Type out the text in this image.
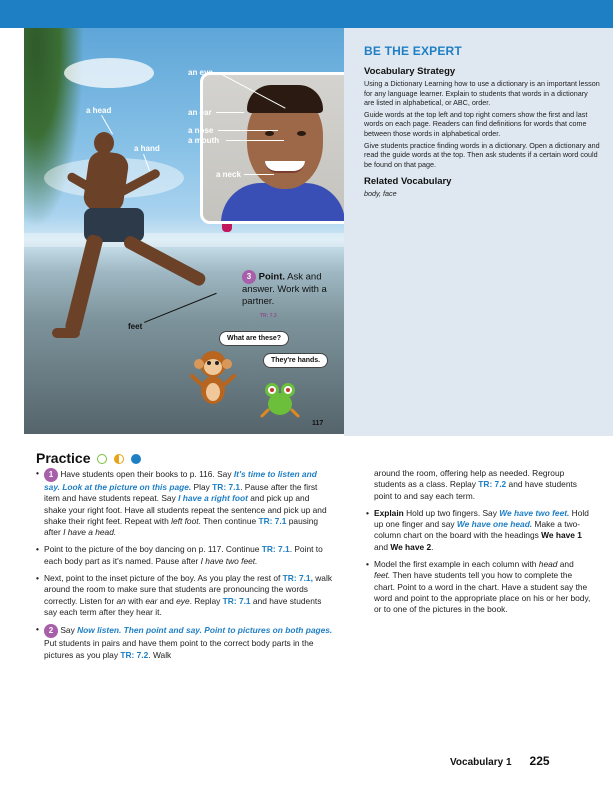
an eye
a head	an ear
a hand
a nose
a mouth
a neck
feet
3 Point. Ask and answer. Work with a partner.
TR: 7.3
What are these?
They're hands.
117
BE THE EXPERT
Vocabulary Strategy

Using a Dictionary Learning how to use a dictionary is an important lesson for any language learner. Explain to students that words in a dictionary are listed in alphabetical, or ABC, order.

Guide words at the top left and top right corners show the first and last words on each page. Readers can find definitions for words that come between those words in alphabetical order.

Give students practice finding words in a dictionary. Open a dictionary and read the guide words at the top. Then ask students if a certain word could be found on that page.

Related Vocabulary
body, face
Practice
• 1 Have students open their books to p. 116. Say It's time to listen and say. Look at the picture on this page. Play TR: 7.1. Pause after the first item and have students repeat. Say I have a right foot and pick up and shake your right foot. Have all students repeat the sentence and pick up and shake their right feet. Repeat with left foot. Then continue TR: 7.1 pausing after I have a head.
• Point to the picture of the boy dancing on p. 117. Continue TR: 7.1. Point to each body part as it's named. Pause after I have two feet.
• Next, point to the inset picture of the boy. As you play the rest of TR: 7.1, walk around the room to make sure that students are pronouncing the words correctly. Listen for an with ear and eye. Replay TR: 7.1 and have students say each term after they hear it.
• 2 Say Now listen. Then point and say. Point to pictures on both pages. Put students in pairs and have them point to the correct body parts in the pictures as you play TR: 7.2. Walk
around the room, offering help as needed. Regroup students as a class. Replay TR: 7.2 and have students point to and say each term.
• Explain Hold up two fingers. Say We have two feet. Hold up one finger and say We have one head. Make a two-column chart on the board with the headings We have 1 and We have 2.
• Model the first example in each column with head and feet. Then have students tell you how to complete the chart. Point to a word in the chart. Have a student say the word and point to the appropriate place on his or her body, or to one of the pictures in the book.
Vocabulary 1 225
